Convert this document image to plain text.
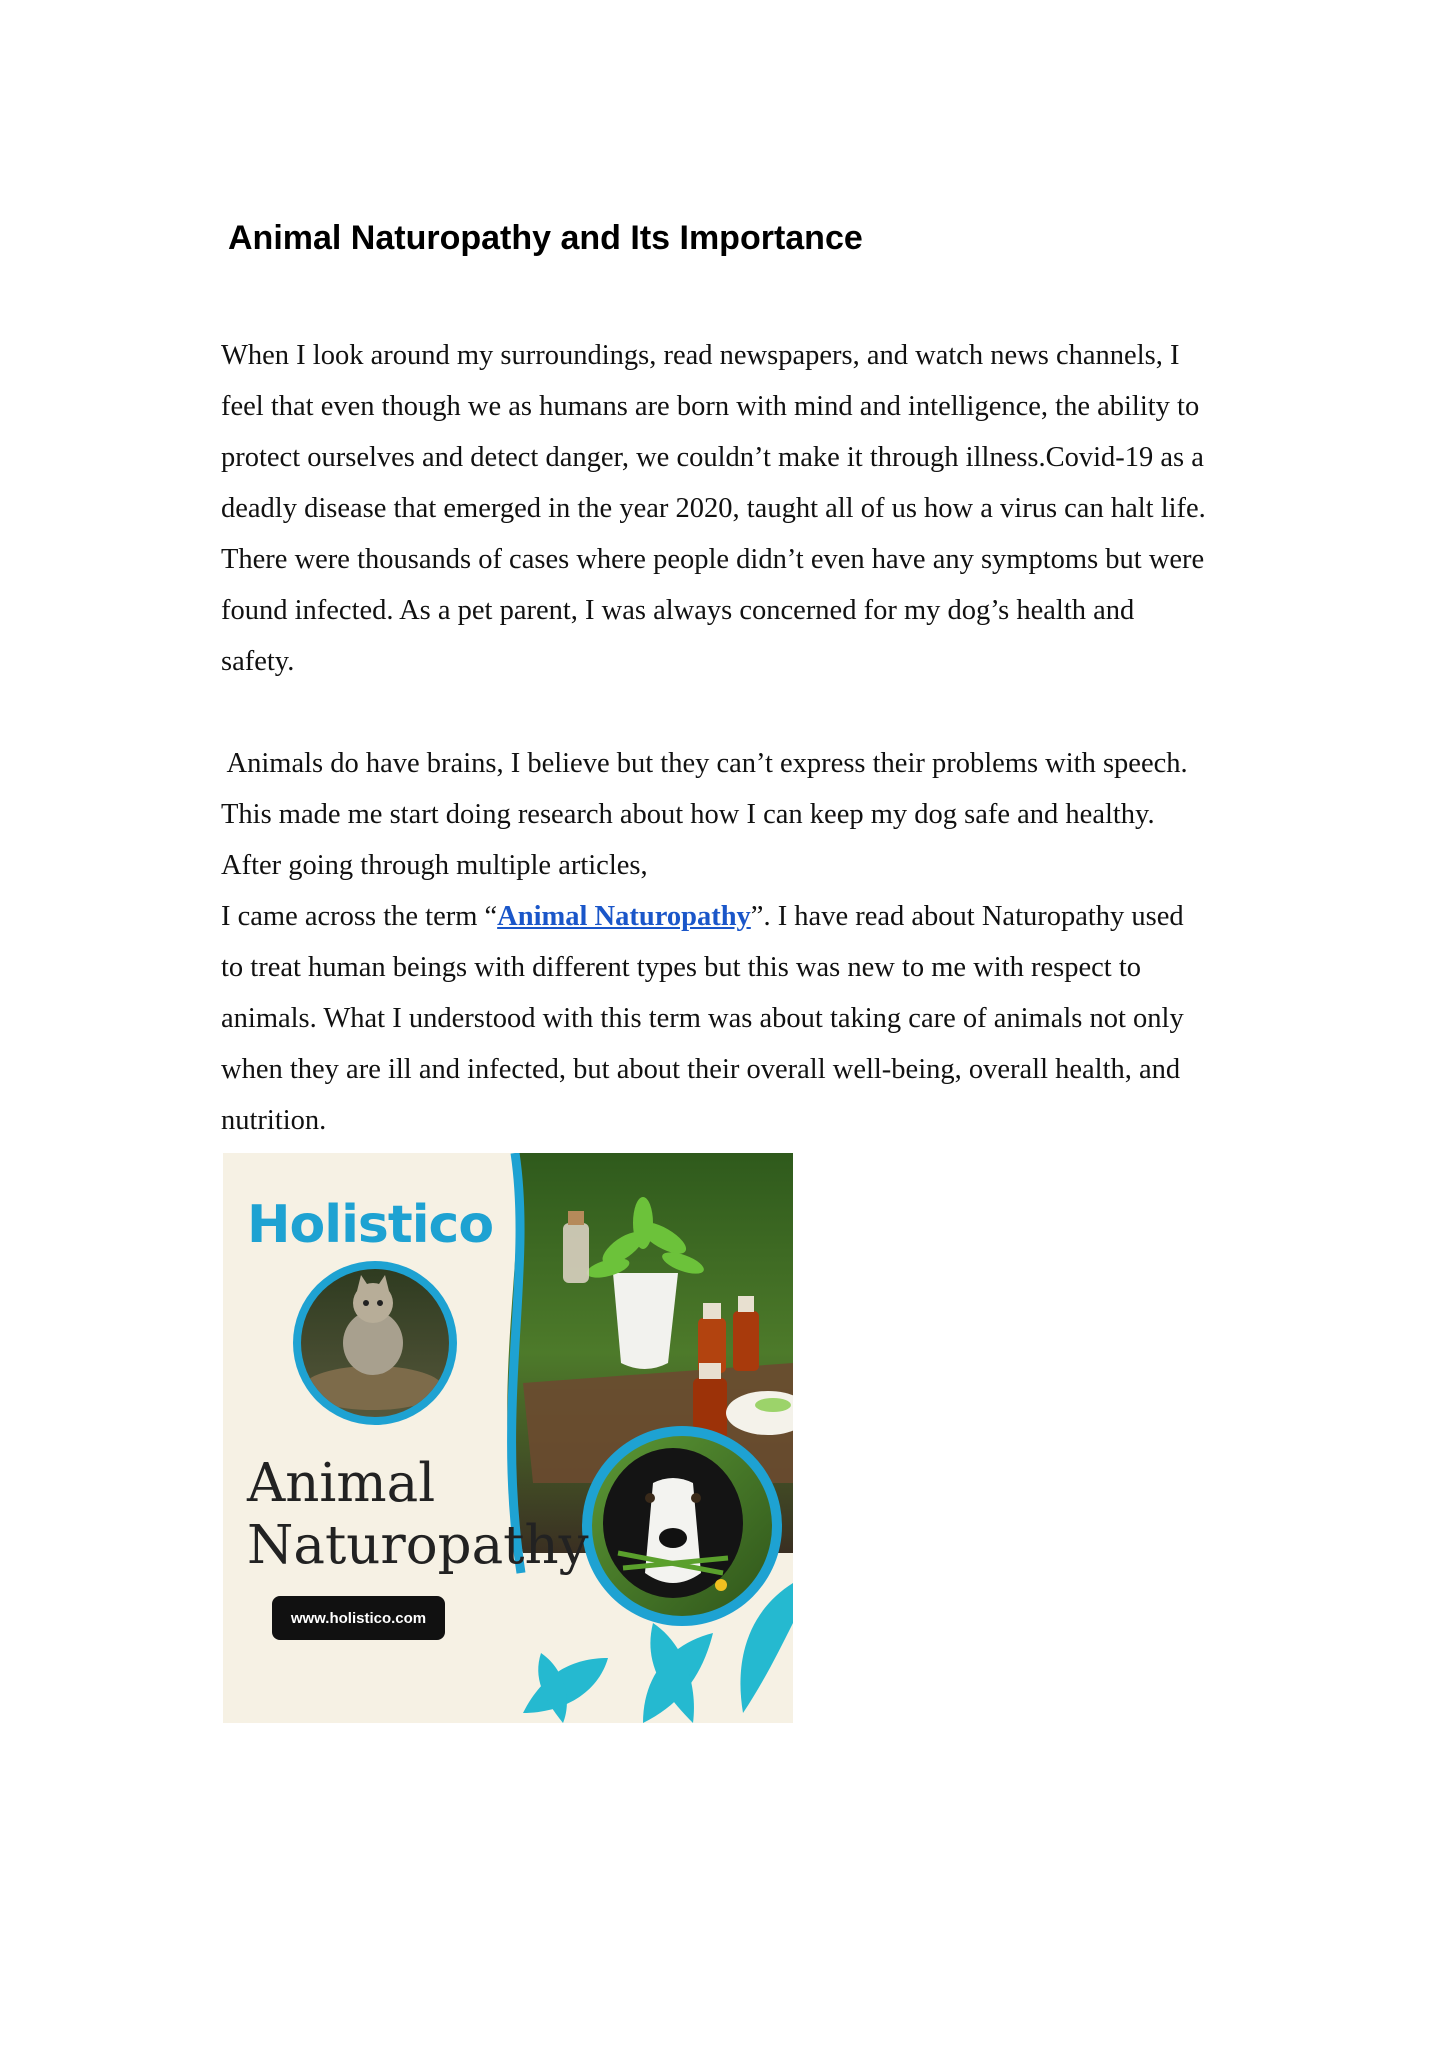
Animal Naturopathy and Its Importance
When I look around my surroundings, read newspapers, and watch news channels, I
feel that even though we as humans are born with mind and intelligence, the ability to
protect ourselves and detect danger, we couldn’t make it through illness.Covid-19 as a
deadly disease that emerged in the year 2020, taught all of us how a virus can halt life.
There were thousands of cases where people didn’t even have any symptoms but were
found infected. As a pet parent, I was always concerned for my dog’s health and
safety.
Animals do have brains, I believe but they can’t express their problems with speech.
This made me start doing research about how I can keep my dog safe and healthy.
After going through multiple articles,
I came across the term “Animal Naturopathy”. I have read about Naturopathy used
to treat human beings with different types but this was new to me with respect to
animals. What I understood with this term was about taking care of animals not only
when they are ill and infected, but about their overall well-being, overall health, and
nutrition.
Holistico
Animal
Naturopathy
www.holistico.com
